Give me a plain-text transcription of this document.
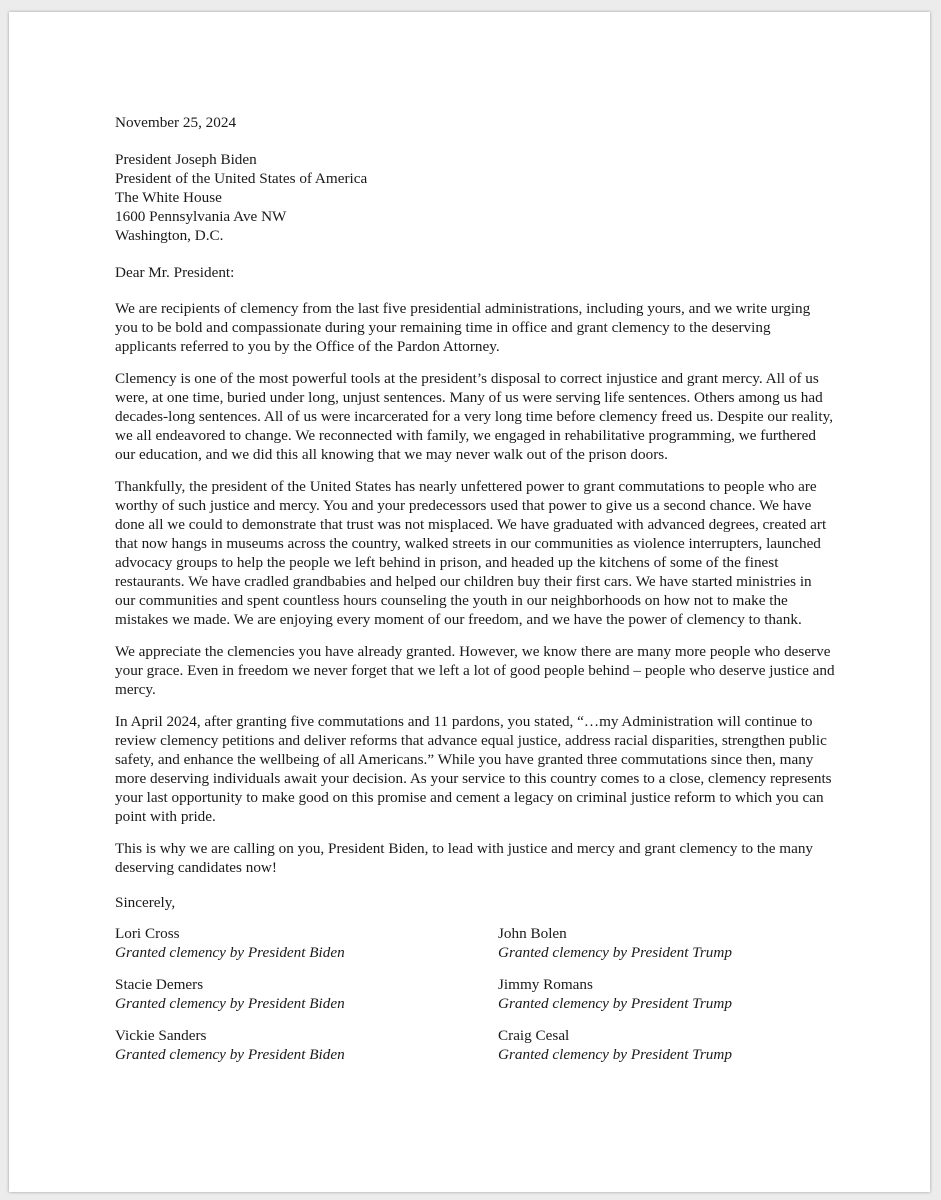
November 25, 2024
President Joseph Biden
President of the United States of America
The White House
1600 Pennsylvania Ave NW
Washington, D.C.
Dear Mr. President:

We are recipients of clemency from the last five presidential administrations, including yours, and we write urging you to be bold and compassionate during your remaining time in office and grant clemency to the deserving applicants referred to you by the Office of the Pardon Attorney.

Clemency is one of the most powerful tools at the president’s disposal to correct injustice and grant mercy. All of us were, at one time, buried under long, unjust sentences. Many of us were serving life sentences. Others among us had decades-long sentences. All of us were incarcerated for a very long time before clemency freed us. Despite our reality, we all endeavored to change. We reconnected with family, we engaged in rehabilitative programming, we furthered our education, and we did this all knowing that we may never walk out of the prison doors.

Thankfully, the president of the United States has nearly unfettered power to grant commutations to people who are worthy of such justice and mercy. You and your predecessors used that power to give us a second chance. We have done all we could to demonstrate that trust was not misplaced. We have graduated with advanced degrees, created art that now hangs in museums across the country, walked streets in our communities as violence interrupters, launched advocacy groups to help the people we left behind in prison, and headed up the kitchens of some of the finest restaurants. We have cradled grandbabies and helped our children buy their first cars. We have started ministries in our communities and spent countless hours counseling the youth in our neighborhoods on how not to make the mistakes we made. We are enjoying every moment of our freedom, and we have the power of clemency to thank.

We appreciate the clemencies you have already granted. However, we know there are many more people who deserve your grace. Even in freedom we never forget that we left a lot of good people behind – people who deserve justice and mercy.

In April 2024, after granting five commutations and 11 pardons, you stated, “…my Administration will continue to review clemency petitions and deliver reforms that advance equal justice, address racial disparities, strengthen public safety, and enhance the wellbeing of all Americans.” While you have granted three commutations since then, many more deserving individuals await your decision. As your service to this country comes to a close, clemency represents your last opportunity to make good on this promise and cement a legacy on criminal justice reform to which you can point with pride.

This is why we are calling on you, President Biden, to lead with justice and mercy and grant clemency to the many deserving candidates now!

Sincerely,
Lori Cross
Granted clemency by President Biden
John Bolen
Granted clemency by President Trump
Stacie Demers
Granted clemency by President Biden
Jimmy Romans
Granted clemency by President Trump
Vickie Sanders
Granted clemency by President Biden
Craig Cesal
Granted clemency by President Trump
